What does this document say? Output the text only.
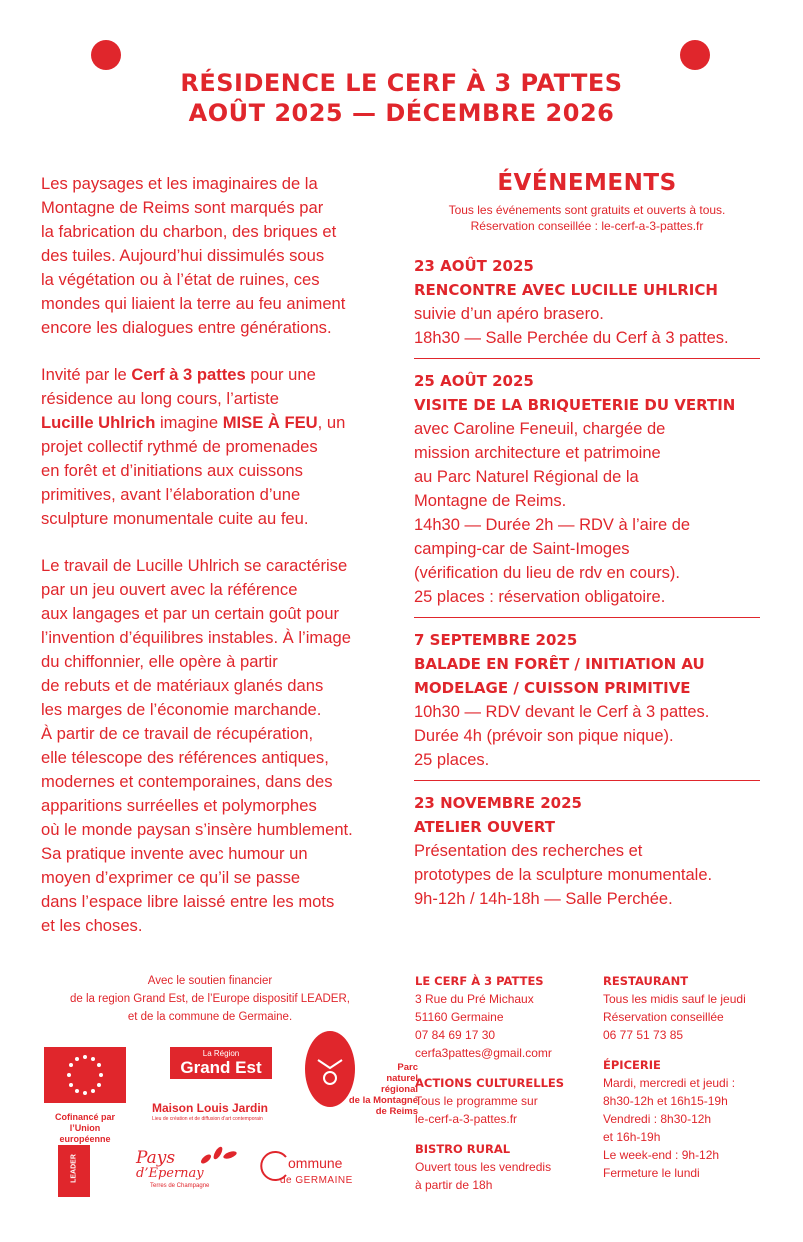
RÉSIDENCE LE CERF À 3 PATTES
AOÛT 2025 — DÉCEMBRE 2026

Les paysages et les imaginaires de la
Montagne de Reims sont marqués par
la fabrication du charbon, des briques et
des tuiles. Aujourd’hui dissimulés sous
la végétation ou à l’état de ruines, ces
mondes qui liaient la terre au feu animent
encore les dialogues entre générations.

Invité par le Cerf à 3 pattes pour une
résidence au long cours, l’artiste
Lucille Uhlrich imagine MISE À FEU, un
projet collectif rythmé de promenades
en forêt et d’initiations aux cuissons
primitives, avant l’élaboration d’une
sculpture monumentale cuite au feu.

Le travail de Lucille Uhlrich se caractérise
par un jeu ouvert avec la référence
aux langages et par un certain goût pour
l’invention d’équilibres instables. À l’image
du chiffonnier, elle opère à partir
de rebuts et de matériaux glanés dans
les marges de l’économie marchande.
À partir de ce travail de récupération,
elle télescope des références antiques,
modernes et contemporaines, dans des
apparitions surréelles et polymorphes
où le monde paysan s’insère humblement.
Sa pratique invente avec humour un
moyen d’exprimer ce qu’il se passe
dans l’espace libre laissé entre les mots
et les choses.

ÉVÉNEMENTS
Tous les événements sont gratuits et ouverts à tous.
Réservation conseillée : le-cerf-a-3-pattes.fr
23 AOÛT 2025
RENCONTRE AVEC LUCILLE UHLRICH
suivie d’un apéro brasero.
18h30 — Salle Perchée du Cerf à 3 pattes.
25 AOÛT 2025
VISITE DE LA BRIQUETERIE DU VERTIN
avec Caroline Feneuil, chargée de
mission architecture et patrimoine
au Parc Naturel Régional de la
Montagne de Reims.
14h30 — Durée 2h — RDV à l’aire de
camping-car de Saint-Imoges
(vérification du lieu de rdv en cours).
25 places : réservation obligatoire.
7 SEPTEMBRE 2025
BALADE EN FORÊT / INITIATION AU
MODELAGE / CUISSON PRIMITIVE
10h30 — RDV devant le Cerf à 3 pattes.
Durée 4h (prévoir son pique nique).
25 places.
23 NOVEMBRE 2025
ATELIER OUVERT
Présentation des recherches et
prototypes de la sculpture monumentale.
9h-12h / 14h-18h — Salle Perchée.
Avec le soutien financier
de la region Grand Est, de l’Europe dispositif LEADER,
et de la commune de Germaine.
Cofinancé par
l’Union européenne
La Région
Grand Est
Maison Louis Jardin
Lieu de création et de diffusion d’art contemporain
Parc
naturel
régional
de la Montagne
de Reims
LEADER	Pays
d’Epernay
Terres de Champagne
ommune
de GERMAINE
LE CERF À 3 PATTES
3 Rue du Pré Michaux
51160 Germaine
07 84 69 17 30
cerfa3pattes@gmail.comr
ACTIONS CULTURELLES
Tous le programme sur
le-cerf-a-3-pattes.fr
BISTRO RURAL
Ouvert tous les vendredis
à partir de 18h
RESTAURANT
Tous les midis sauf le jeudi
Réservation conseillée
06 77 51 73 85
ÉPICERIE
Mardi, mercredi et jeudi :
8h30-12h et 16h15-19h
Vendredi : 8h30-12h
et 16h-19h
Le week-end : 9h-12h
Fermeture le lundi
